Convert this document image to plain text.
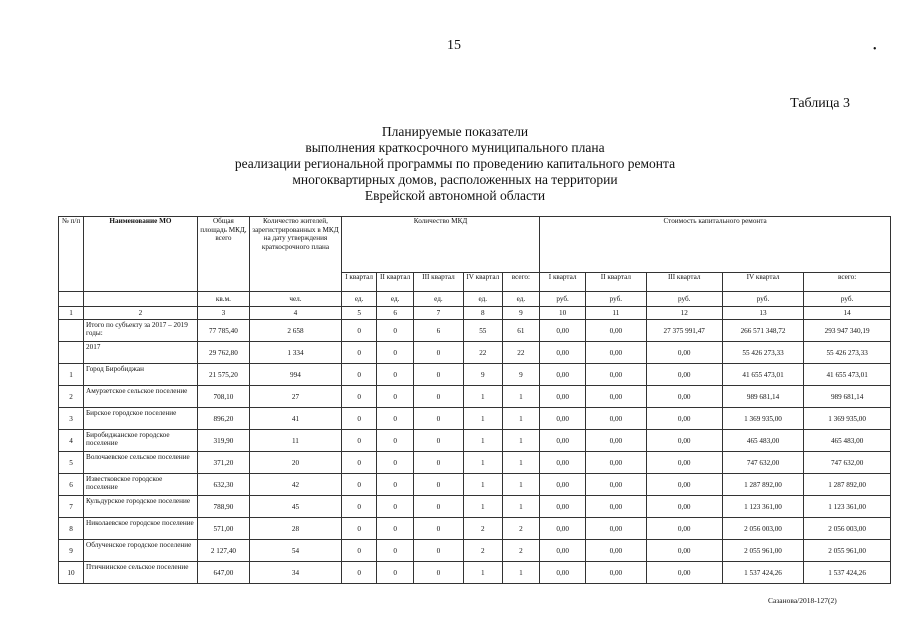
15	•
Таблица 3
Планируемые показатели
выполнения краткосрочного муниципального плана
реализации региональной программы по проведению капитального ремонта
многоквартирных домов, расположенных на территории
Еврейской автономной области
№ п/п	Наименование МО	Общая площадь МКД, всего	Количество жителей, зарегистрированных в МКД на дату утверждения краткосрочного плана	Количество МКД					Стоимость капитального ремонта				
				I квартал	II квартал	III квартал	IV квартал	всего:	I квартал	II квартал	III квартал	IV квартал	всего:
		кв.м.	чел.	ед.	ед.	ед.	ед.	ед.	руб.	руб.	руб.	руб.	руб.
1	2	3	4	5	6	7	8	9	10	11	12	13	14
	Итого по субъекту за 2017 – 2019 годы:	77 785,40	2 658	0	0	6	55	61	0,00	0,00	27 375 991,47	266 571 348,72	293 947 340,19
	2017	29 762,80	1 334	0	0	0	22	22	0,00	0,00	0,00	55 426 273,33	55 426 273,33
1	Город Биробиджан	21 575,20	994	0	0	0	9	9	0,00	0,00	0,00	41 655 473,01	41 655 473,01
2	Амурзетское сельское поселение	708,10	27	0	0	0	1	1	0,00	0,00	0,00	989 681,14	989 681,14
3	Бирское городское поселение	896,20	41	0	0	0	1	1	0,00	0,00	0,00	1 369 935,00	1 369 935,00
4	Биробиджанское городское поселение	319,90	11	0	0	0	1	1	0,00	0,00	0,00	465 483,00	465 483,00
5	Волочаевское сельское поселение	371,20	20	0	0	0	1	1	0,00	0,00	0,00	747 632,00	747 632,00
6	Известковское городское поселение	632,30	42	0	0	0	1	1	0,00	0,00	0,00	1 287 892,00	1 287 892,00
7	Кульдурское городское поселение	788,90	45	0	0	0	1	1	0,00	0,00	0,00	1 123 361,00	1 123 361,00
8	Николаевское городское поселение	571,00	28	0	0	0	2	2	0,00	0,00	0,00	2 056 003,00	2 056 003,00
9	Облученское городское поселение	2 127,40	54	0	0	0	2	2	0,00	0,00	0,00	2 055 961,00	2 055 961,00
10	Птичнинское сельское поселение	647,00	34	0	0	0	1	1	0,00	0,00	0,00	1 537 424,26	1 537 424,26
Сазанова/2018-127(2)
